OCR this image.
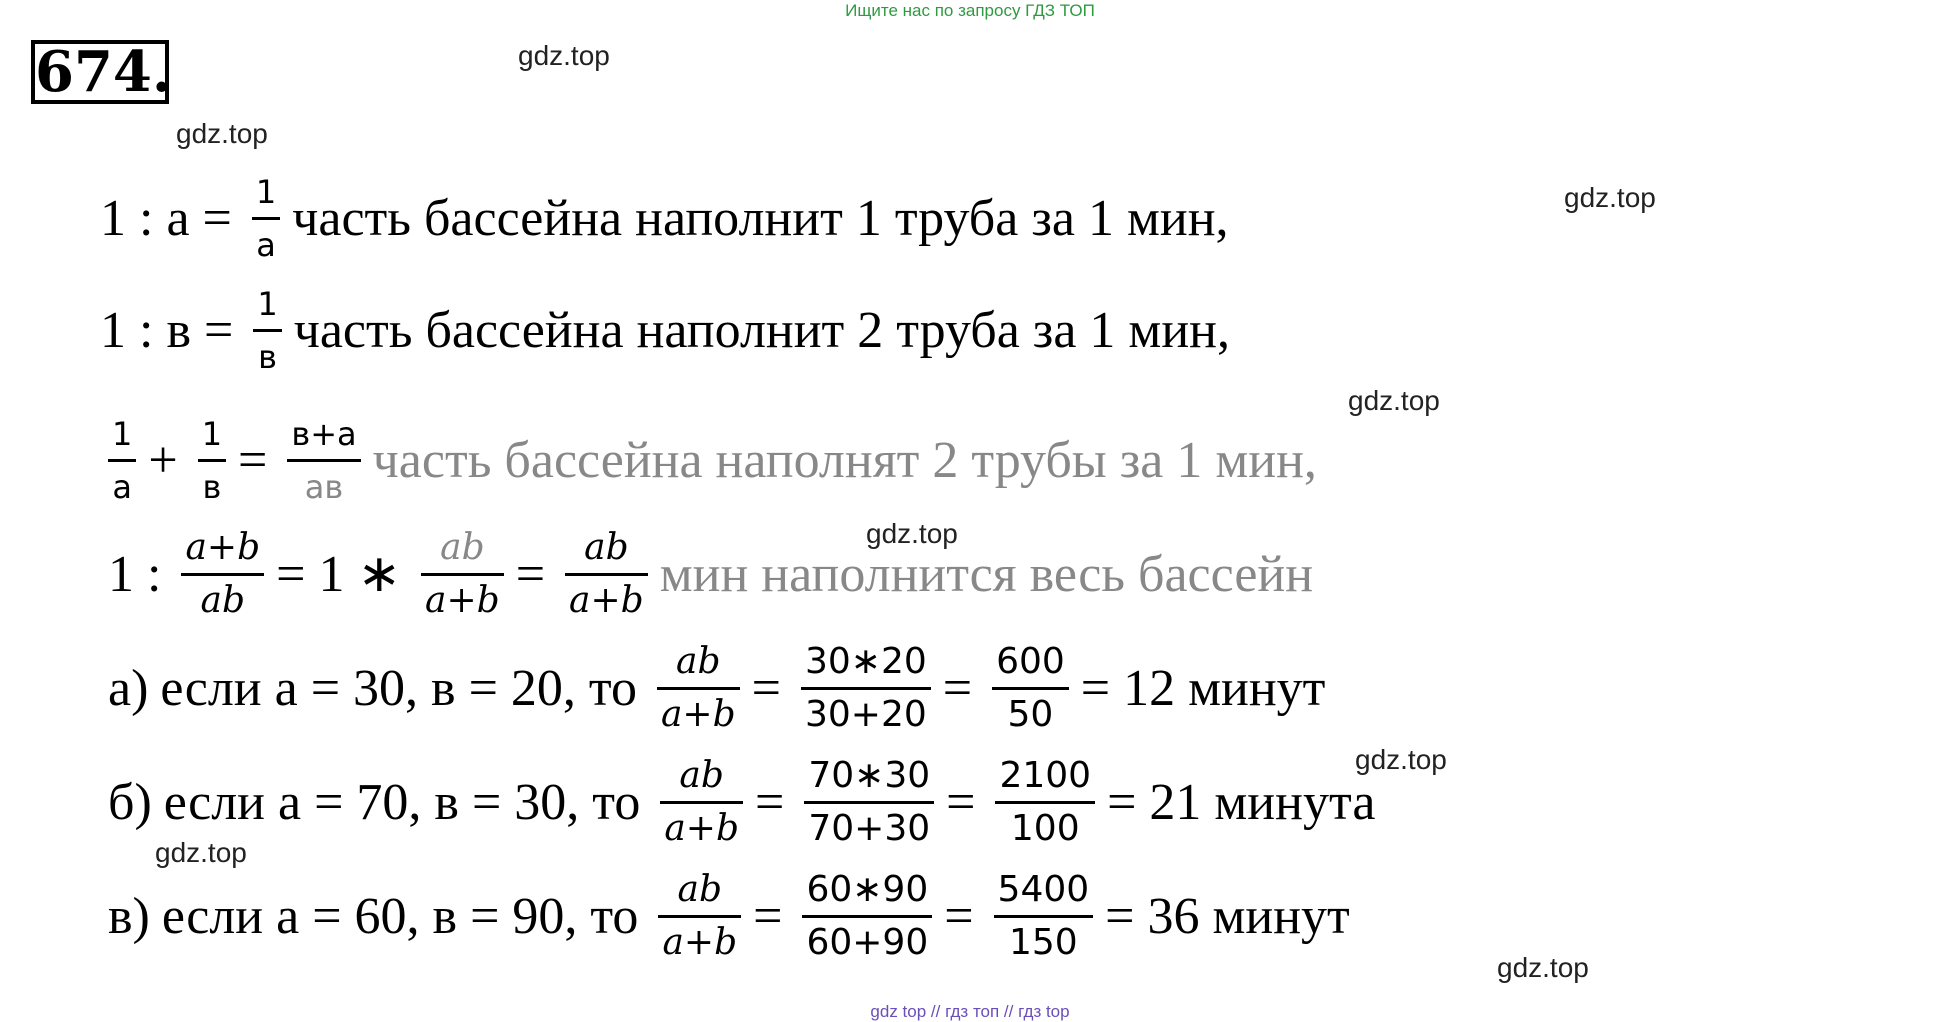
Ищите нас по запросу ГДЗ ТОП
674.	gdz.top
gdz.top
gdz.top
gdz.top
gdz.top
gdz.top
gdz.top
gdz.top
1 : $а = \frac{1}{а}$ часть бассейна наполнит 1 труба за 1 мин,
1 : $в = \frac{1}{в}$ часть бассейна наполнит 2 труба за 1 мин,
$\frac{1}{а} + \frac{1}{в} = \frac{в+а}{ав}$ часть бассейна наполнят 2 трубы за 1 мин,
1 : $\frac{a+b}{ab} = 1$ ∗ $\frac{ab}{a+b} = \frac{ab}{a+b}$ мин наполнится весь бассейн
а) если а = 30, в = 20, то $\frac{ab}{a+b} = \frac{30∗20}{30+20} = \frac{600}{50} = 12$ минут
б) если а = 70, в = 30, то $\frac{ab}{a+b} = \frac{70∗30}{70+30} = \frac{2100}{100} = 21$ минута
в) если а = 60, в = 90, то $\frac{ab}{a+b} = \frac{60∗90}{60+90} = \frac{5400}{150} = 36$ минут
gdz top // гдз топ // гдз top
